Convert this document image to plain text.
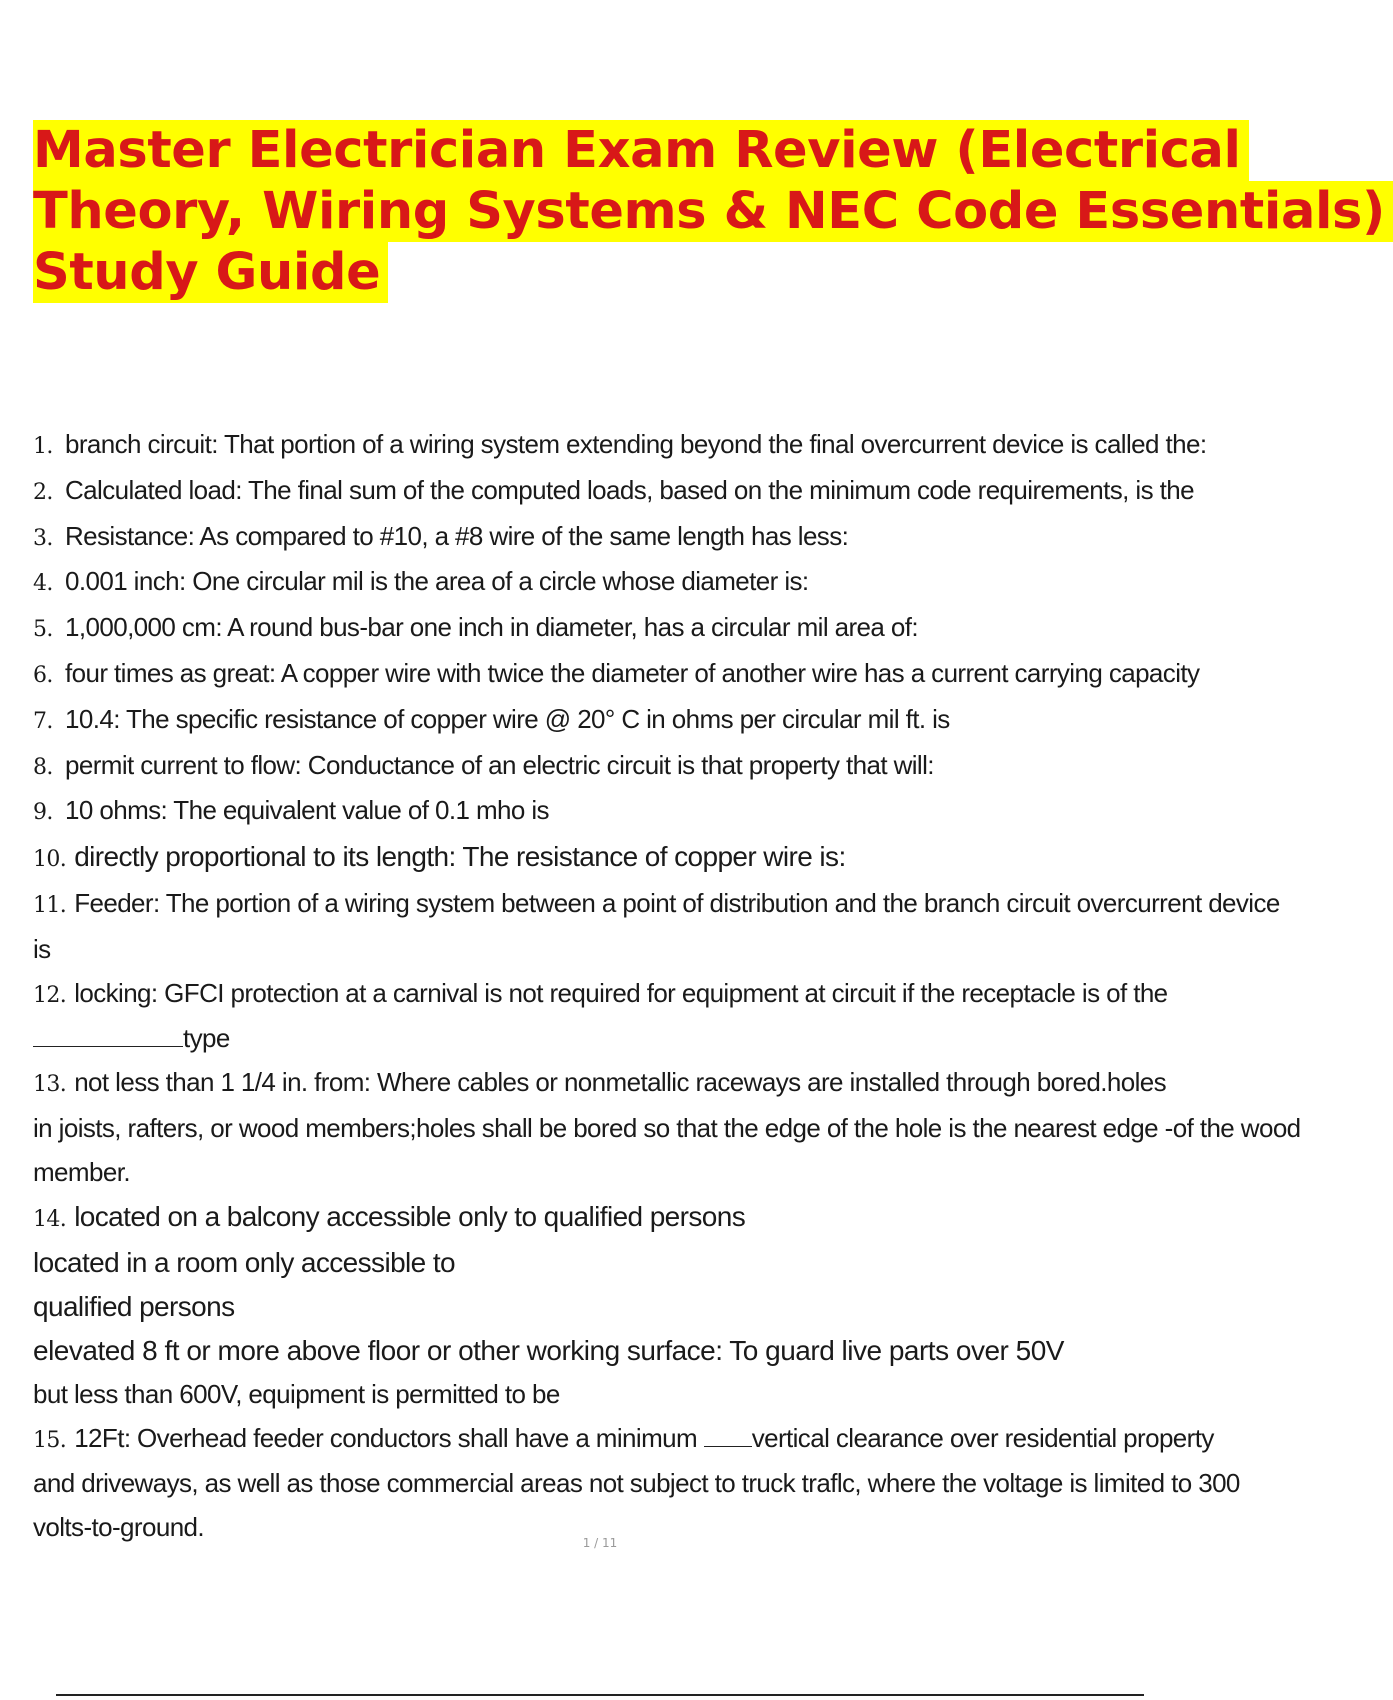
Master Electrician Exam Review (Electrical
Theory, Wiring Systems & NEC Code Essentials)
Study Guide
1. branch circuit: That portion of a wiring system extending beyond the final overcurrent device is called the:
2. Calculated load: The final sum of the computed loads, based on the minimum code requirements, is the
3. Resistance: As compared to #10, a #8 wire of the same length has less:
4. 0.001 inch: One circular mil is the area of a circle whose diameter is:
5. 1,000,000 cm: A round bus-bar one inch in diameter, has a circular mil area of:
6. four times as great: A copper wire with twice the diameter of another wire has a current carrying capacity
7. 10.4: The specific resistance of copper wire @ 20° C in ohms per circular mil ft. is
8. permit current to flow: Conductance of an electric circuit is that property that will:
9. 10 ohms: The equivalent value of 0.1 mho is
10. directly proportional to its length: The resistance of copper wire is:
11. Feeder: The portion of a wiring system between a point of distribution and the branch circuit overcurrent device
is
12. locking: GFCI protection at a carnival is not required for equipment at circuit if the receptacle is of the
type
13. not less than 1 1/4 in. from: Where cables or nonmetallic raceways are installed through bored.holes
in joists, rafters, or wood members;holes shall be bored so that the edge of the hole is the nearest edge -of the wood
member.
14. located on a balcony accessible only to qualified persons
located in a room only accessible to
qualified persons
elevated 8 ft or more above floor or other working surface: To guard live parts over 50V
but less than 600V, equipment is permitted to be
15. 12Ft: Overhead feeder conductors shall have a minimum vertical clearance over residential property
and driveways, as well as those commercial areas not subject to truck traflc, where the voltage is limited to 300
volts-to-ground.
1 / 11
